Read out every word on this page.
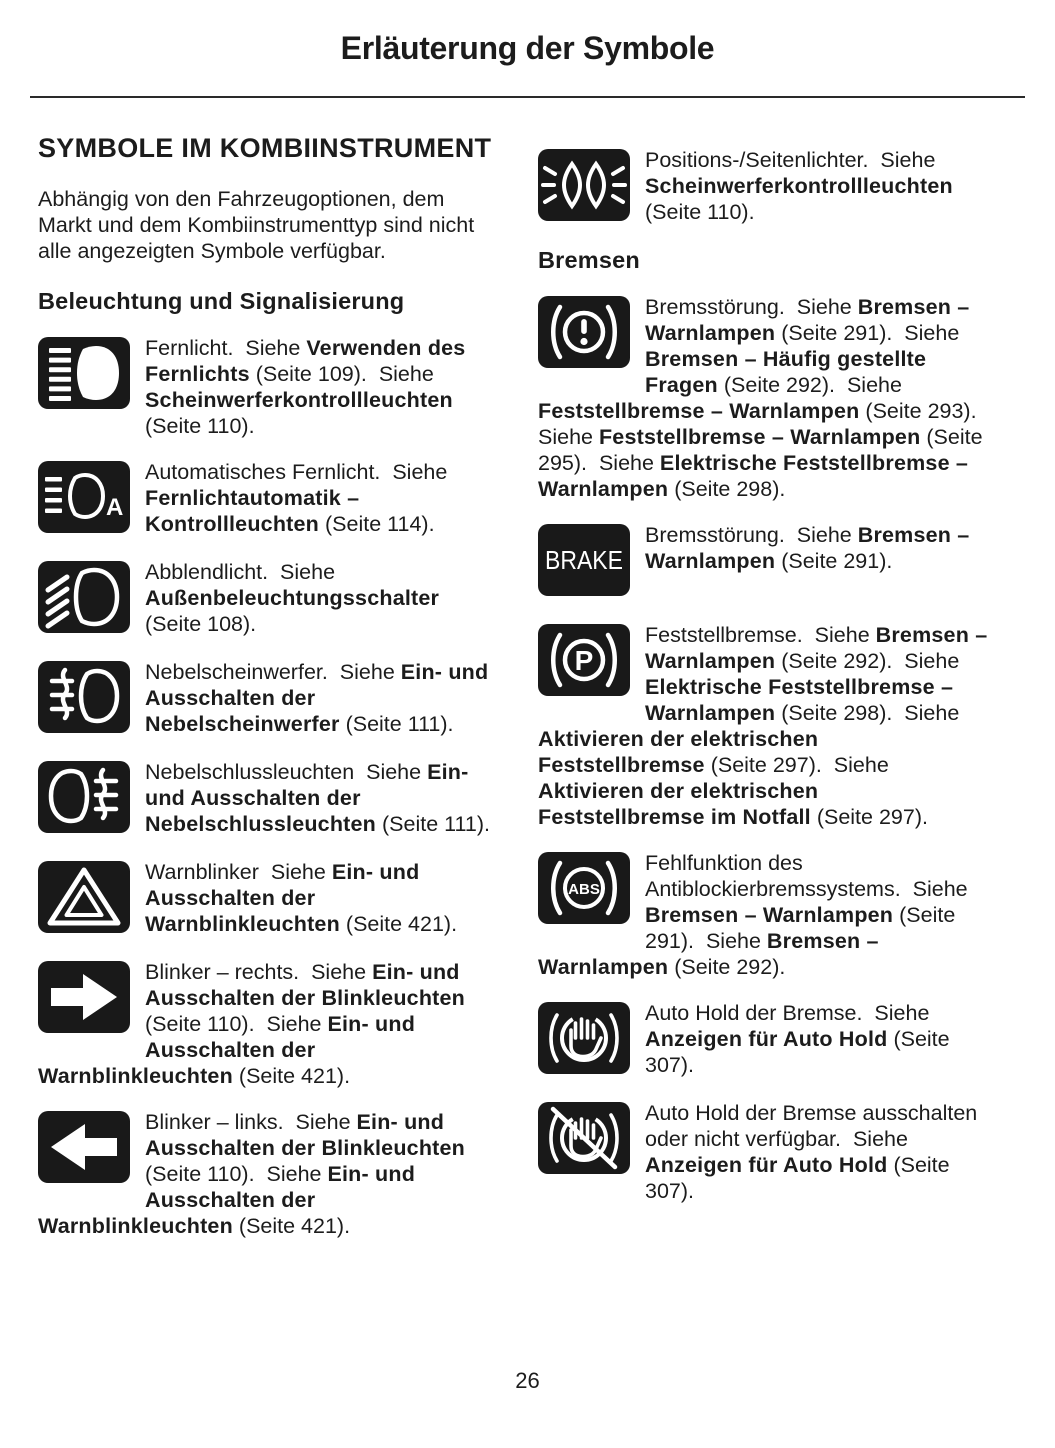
Erläuterung der Symbole
SYMBOLE IM KOMBIINSTRUMENT

Abhängig von den Fahrzeugoptionen, dem Markt und dem Kombiinstrumenttyp sind nicht alle angezeigten Symbole verfügbar.

Beleuchtung und Signalisierung
Fernlicht.  Siehe Verwenden des Fernlichts (Seite 109).  Siehe Scheinwerferkontrollleuchten (Seite 110).
Automatisches Fernlicht.  Siehe Fernlichtautomatik – Kontrollleuchten (Seite 114).
Abblendlicht.  Siehe Außenbeleuchtungsschalter (Seite 108).
Nebelscheinwerfer.  Siehe Ein- und Ausschalten der Nebelscheinwerfer (Seite 111).
Nebelschlussleuchten  Siehe Ein- und Ausschalten der Nebelschlussleuchten (Seite 111).
Warnblinker  Siehe Ein- und Ausschalten der Warnblinkleuchten (Seite 421).
Blinker – rechts.  Siehe Ein- und Ausschalten der Blinkleuchten (Seite 110).  Siehe Ein- und Ausschalten der Warnblinkleuchten (Seite 421).
Blinker – links.  Siehe Ein- und Ausschalten der Blinkleuchten (Seite 110).  Siehe Ein- und Ausschalten der Warnblinkleuchten (Seite 421).
Positions-/Seitenlichter.  Siehe Scheinwerferkontrollleuchten (Seite 110).
Bremsen
Bremsstörung.  Siehe Bremsen – Warnlampen (Seite 291).  Siehe Bremsen – Häufig gestellte Fragen (Seite 292).  Siehe Feststellbremse – Warnlampen (Seite 293).  Siehe Feststellbremse – Warnlampen (Seite 295).  Siehe Elektrische Feststellbremse – Warnlampen (Seite 298).
Bremsstörung.  Siehe Bremsen – Warnlampen (Seite 291).
Feststellbremse.  Siehe Bremsen – Warnlampen (Seite 292).  Siehe Elektrische Feststellbremse – Warnlampen (Seite 298).  Siehe Aktivieren der elektrischen Feststellbremse (Seite 297).  Siehe Aktivieren der elektrischen Feststellbremse im Notfall (Seite 297).
Fehlfunktion des Antiblockierbremssystems.  Siehe Bremsen – Warnlampen (Seite 291).  Siehe Bremsen – Warnlampen (Seite 292).
Auto Hold der Bremse.  Siehe Anzeigen für Auto Hold (Seite 307).
Auto Hold der Bremse ausschalten oder nicht verfügbar.  Siehe Anzeigen für Auto Hold (Seite 307).
26
